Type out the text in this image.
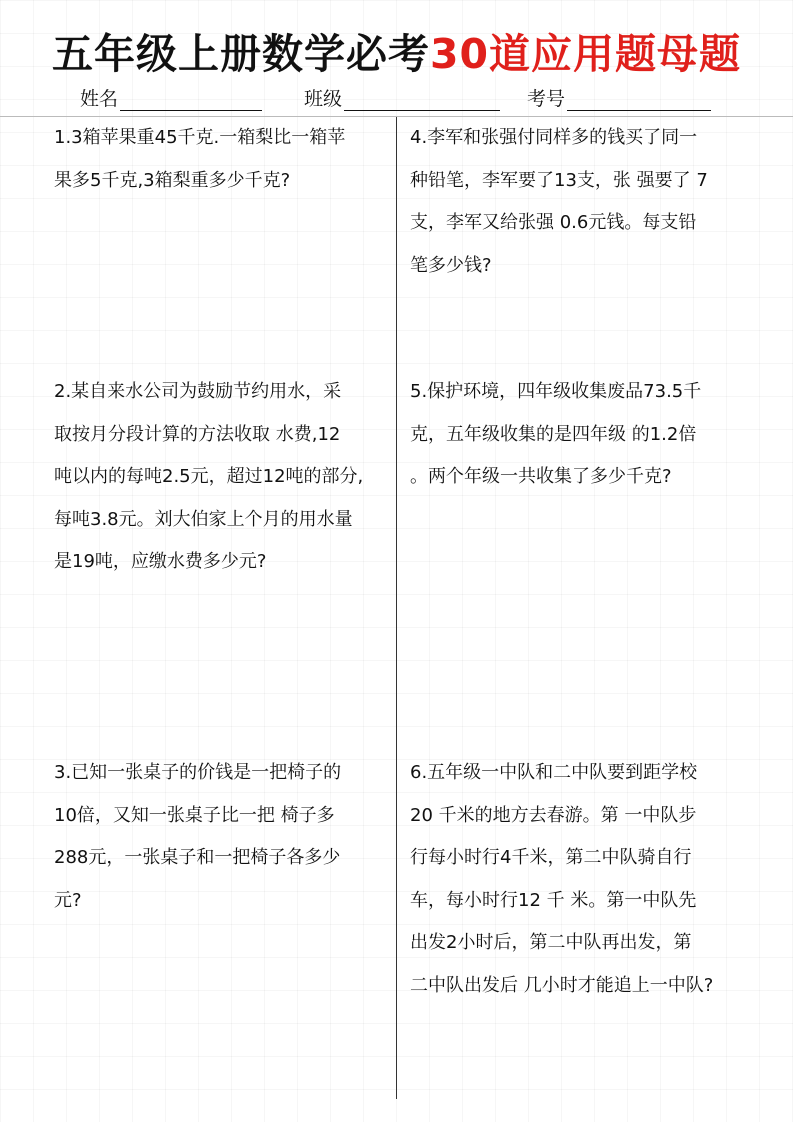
五年级上册数学必考30道应用题母题
姓名	班级	考号
1.3箱苹果重45千克.一箱梨比一箱苹
果多5千克,3箱梨重多少千克?
2.某自来水公司为鼓励节约用水，采
取按月分段计算的方法收取 水费,12
吨以内的每吨2.5元，超过12吨的部分,
每吨3.8元。刘大伯家上个月的用水量
是19吨，应缴水费多少元?
3.已知一张桌子的价钱是一把椅子的
10倍，又知一张桌子比一把 椅子多
288元，一张桌子和一把椅子各多少
元?
4.李军和张强付同样多的钱买了同一
种铅笔，李军要了13支，张 强要了 7
支，李军又给张强 0.6元钱。每支铅
笔多少钱?
5.保护环境，四年级收集废品73.5千
克，五年级收集的是四年级 的1.2倍
。两个年级一共收集了多少千克?
6.五年级一中队和二中队要到距学校
20 千米的地方去春游。第 一中队步
行每小时行4千米，第二中队骑自行
车，每小时行12 千 米。第一中队先
出发2小时后，第二中队再出发，第
二中队出发后 几小时才能追上一中队?
